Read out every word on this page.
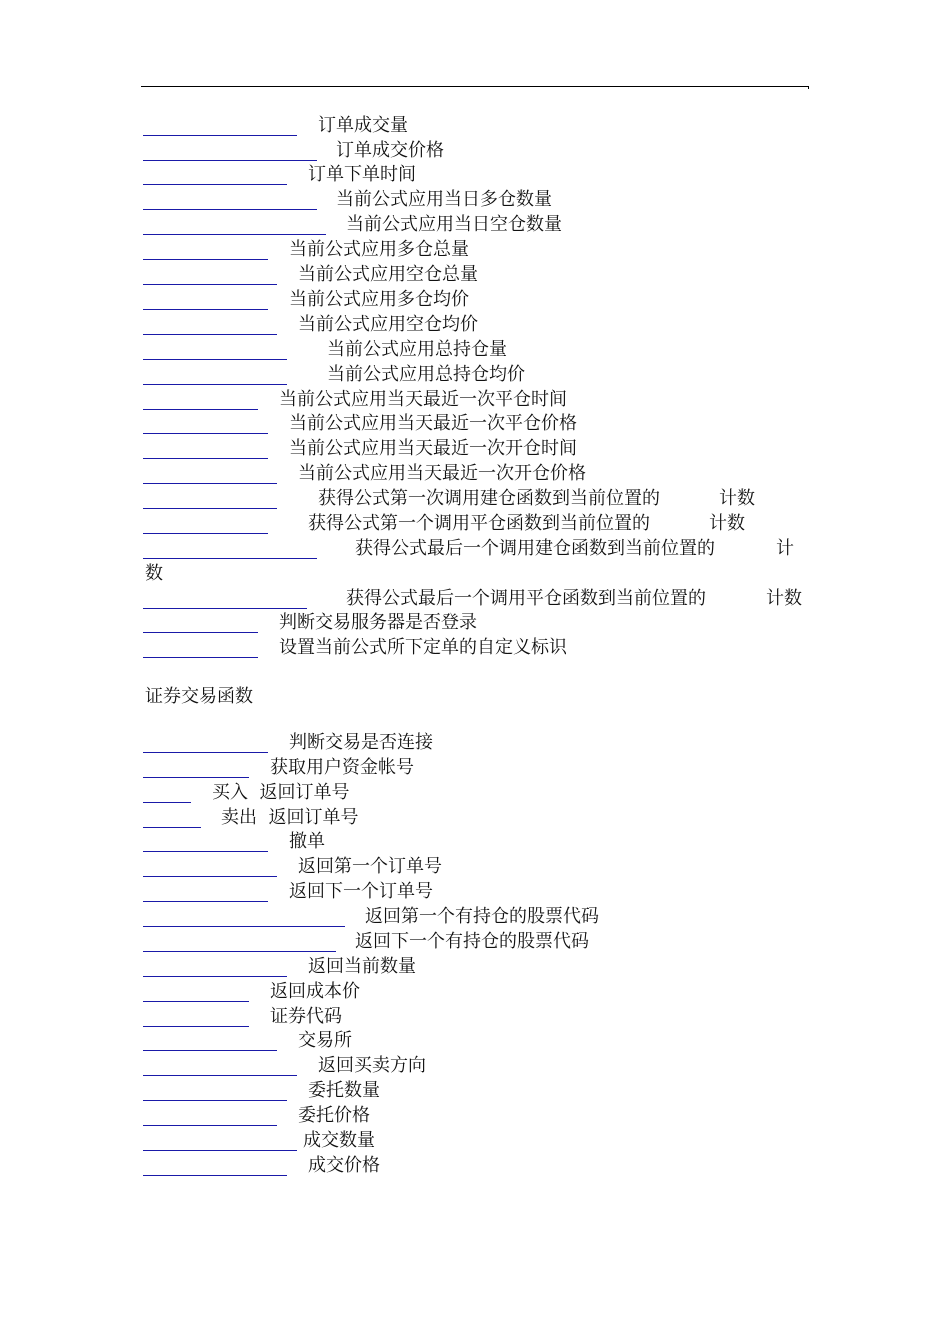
订单成交量
订单成交价格
订单下单时间
当前公式应用当日多仓数量
当前公式应用当日空仓数量
当前公式应用多仓总量
当前公式应用空仓总量
当前公式应用多仓均价
当前公式应用空仓均价
当前公式应用总持仓量
当前公式应用总持仓均价
当前公式应用当天最近一次平仓时间
当前公式应用当天最近一次平仓价格
当前公式应用当天最近一次开仓时间
当前公式应用当天最近一次开仓价格
获得公式第一次调用建仓函数到当前位置的	计数
获得公式第一个调用平仓函数到当前位置的	计数
获得公式最后一个调用建仓函数到当前位置的	计
数
获得公式最后一个调用平仓函数到当前位置的	计数
判断交易服务器是否登录
设置当前公式所下定单的自定义标识
证券交易函数
判断交易是否连接
获取用户资金帐号
买入  返回订单号
卖出  返回订单号
撤单
返回第一个订单号
返回下一个订单号
返回第一个有持仓的股票代码
返回下一个有持仓的股票代码
返回当前数量
返回成本价
证券代码
交易所
返回买卖方向
委托数量
委托价格
成交数量
成交价格
